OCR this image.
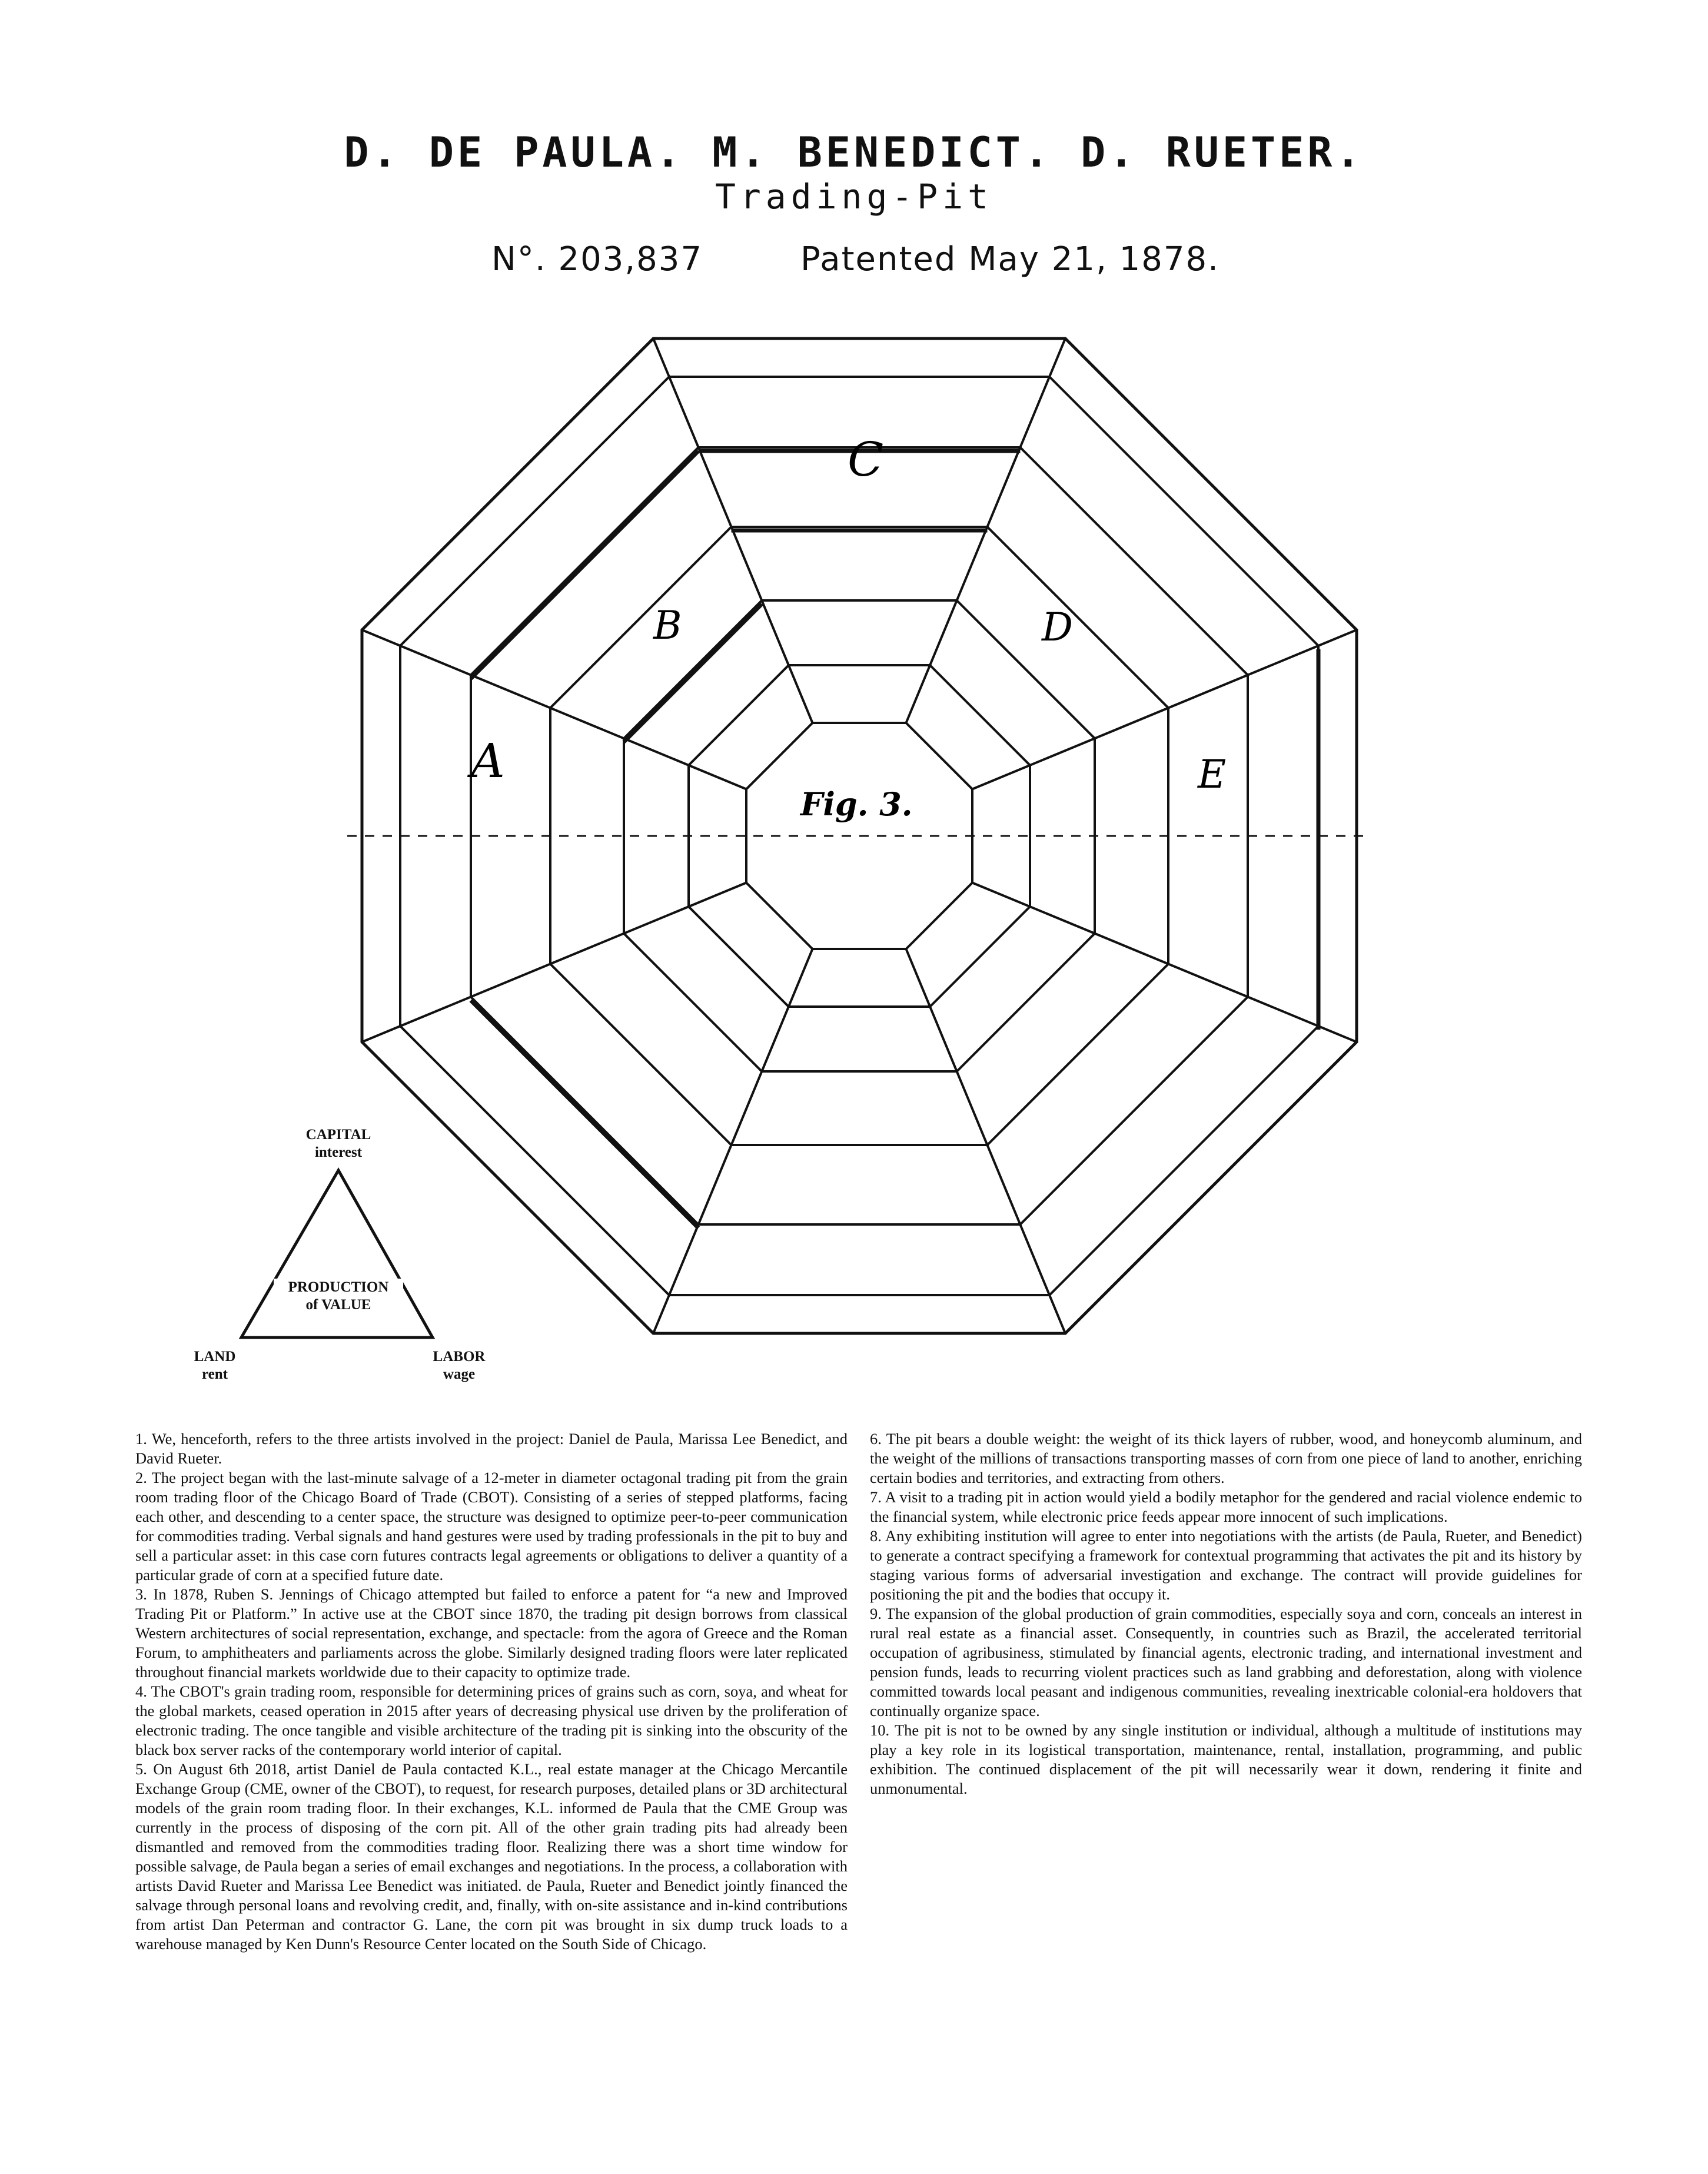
D. DE PAULA. M. BENEDICT. D. RUETER.
Trading-Pit
N°. 203,837	Patented May 21, 1878.
A
B
C
D
E
Fig. 3.
CAPITAL
interest
PRODUCTION
of VALUE
LAND
rent
LABOR
wage

1. We, henceforth, refers to the three artists involved in the project: Daniel de Paula, Marissa Lee Benedict, and David Rueter.

2. The project began with the last-minute salvage of a 12-meter in diameter octagonal trading pit from the grain room trading floor of the Chicago Board of Trade (CBOT). Consisting of a series of stepped platforms, facing each other, and descending to a center space, the structure was designed to optimize peer-to-peer communication for commodities trading. Verbal signals and hand gestures were used by trading professionals in the pit to buy and sell a particular asset: in this case corn futures contracts legal agreements or obligations to deliver a quantity of a particular grade of corn at a specified future date.

3. In 1878, Ruben S. Jennings of Chicago attempted but failed to enforce a patent for “a new and Improved Trading Pit or Platform.” In active use at the CBOT since 1870, the trading pit design borrows from classical Western architectures of social representation, exchange, and spectacle: from the agora of Greece and the Roman Forum, to amphitheaters and parliaments across the globe. Similarly designed trading floors were later replicated throughout financial markets worldwide due to their capacity to optimize trade.

4. The CBOT's grain trading room, responsible for determining prices of grains such as corn, soya, and wheat for the global markets, ceased operation in 2015 after years of decreasing physical use driven by the proliferation of electronic trading. The once tangible and visible architecture of the trading pit is sinking into the obscurity of the black box server racks of the contemporary world interior of capital.

5. On August 6th 2018, artist Daniel de Paula contacted K.L., real estate manager at the Chicago Mercantile Exchange Group (CME, owner of the CBOT), to request, for research purposes, detailed plans or 3D architectural models of the grain room trading floor. In their exchanges, K.L. informed de Paula that the CME Group was currently in the process of disposing of the corn pit. All of the other grain trading pits had already been dismantled and removed from the commodities trading floor. Realizing there was a short time window for possible salvage, de Paula began a series of email exchanges and negotiations. In the process, a collaboration with artists David Rueter and Marissa Lee Benedict was initiated. de Paula, Rueter and Benedict jointly financed the salvage through personal loans and revolving credit, and, finally, with on-site assistance and in-kind contributions from artist Dan Peterman and contractor G. Lane, the corn pit was brought in six dump truck loads to a warehouse managed by Ken Dunn's Resource Center located on the South Side of Chicago.

6. The pit bears a double weight: the weight of its thick layers of rubber, wood, and honeycomb aluminum, and the weight of the millions of transactions transporting masses of corn from one piece of land to another, enriching certain bodies and territories, and extracting from others.

7. A visit to a trading pit in action would yield a bodily metaphor for the gendered and racial violence endemic to the financial system, while electronic price feeds appear more innocent of such implications.

8. Any exhibiting institution will agree to enter into negotiations with the artists (de Paula, Rueter, and Benedict) to generate a contract specifying a framework for contextual programming that activates the pit and its history by staging various forms of adversarial investigation and exchange. The contract will provide guidelines for positioning the pit and the bodies that occupy it.

9. The expansion of the global production of grain commodities, especially soya and corn, conceals an interest in rural real estate as a financial asset. Consequently, in countries such as Brazil, the accelerated territorial occupation of agribusiness, stimulated by financial agents, electronic trading, and international investment and pension funds, leads to recurring violent practices such as land grabbing and deforestation, along with violence committed towards local peasant and indigenous communities, revealing inextricable colonial-era holdovers that continually organize space.

10. The pit is not to be owned by any single institution or individual, although a multitude of institutions may play a key role in its logistical transportation, maintenance, rental, installation, programming, and public exhibition. The continued displacement of the pit will necessarily wear it down, rendering it finite and unmonumental.
